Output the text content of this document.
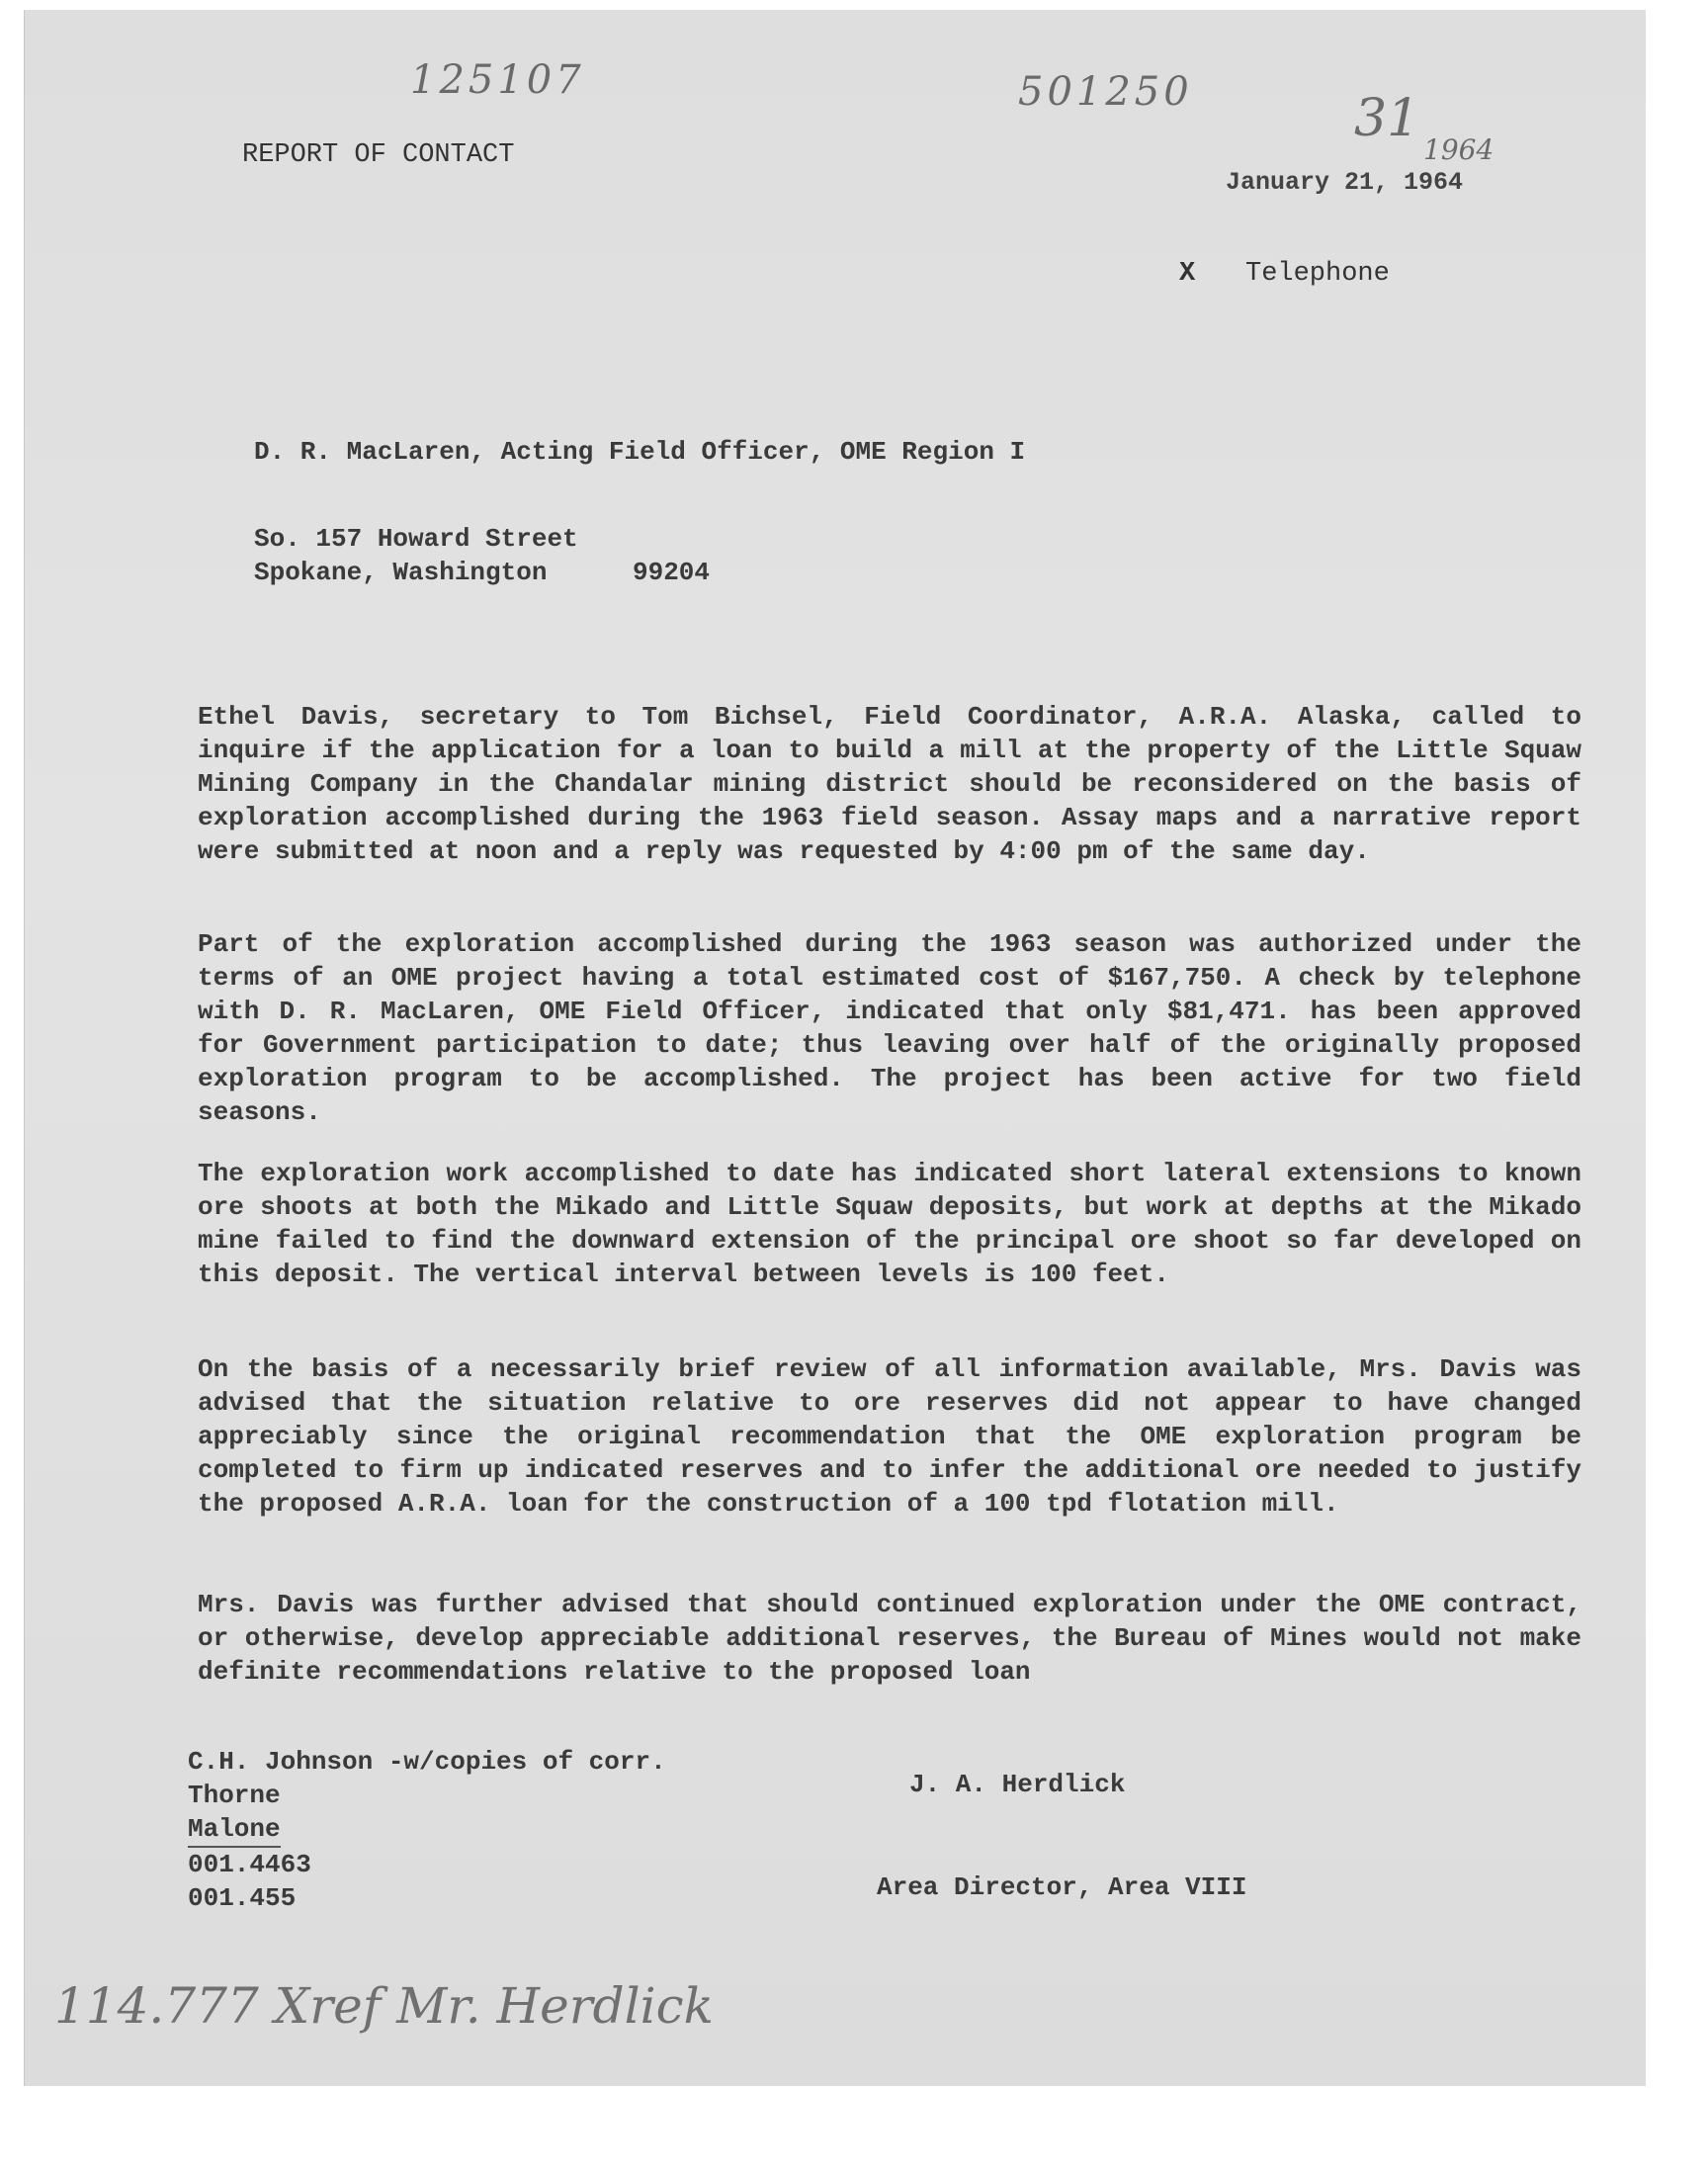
125107	501250	31
1964
REPORT OF CONTACT
January 21, 1964
X Telephone
D. R. MacLaren, Acting Field Officer, OME Region I
So. 157 Howard Street
Spokane, Washington	99204
Ethel Davis, secretary to Tom Bichsel, Field Coordinator, A.R.A. Alaska, called to inquire if the application for a loan to build a mill at the property of the Little Squaw Mining Company in the Chandalar mining district should be reconsidered on the basis of exploration accomplished during the 1963 field season. Assay maps and a narrative report were submitted at noon and a reply was requested by 4:00 pm of the same day.
Part of the exploration accomplished during the 1963 season was authorized under the terms of an OME project having a total estimated cost of $167,750. A check by telephone with D. R. MacLaren, OME Field Officer, indicated that only $81,471. has been approved for Government participation to date; thus leaving over half of the originally proposed exploration program to be accomplished. The project has been active for two field seasons.
The exploration work accomplished to date has indicated short lateral extensions to known ore shoots at both the Mikado and Little Squaw deposits, but work at depths at the Mikado mine failed to find the downward extension of the principal ore shoot so far developed on this deposit. The vertical interval between levels is 100 feet.
On the basis of a necessarily brief review of all information available, Mrs. Davis was advised that the situation relative to ore reserves did not appear to have changed appreciably since the original recommendation that the OME exploration program be completed to firm up indicated reserves and to infer the additional ore needed to justify the proposed A.R.A. loan for the construction of a 100 tpd flotation mill.
Mrs. Davis was further advised that should continued exploration under the OME contract, or otherwise, develop appreciable additional reserves, the Bureau of Mines would not make definite recommendations relative to the proposed loan
C.H. Johnson -w/copies of corr.
Thorne
Malone
001.4463
001.455
J. A. Herdlick
Area Director, Area VIII
114.777 Xref Mr. Herdlick
